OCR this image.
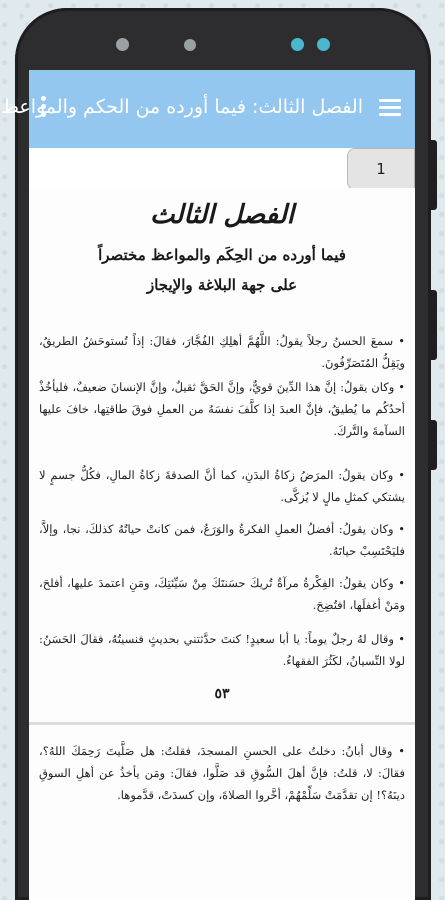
الفصل الثالث: فيما أورده من الحكم والمواعظ
1
الفصل الثالث
فيما أورده من الحِكَم والمواعظ مختصراً
على جهة البلاغة والإيجاز
• سمعَ الحسنُ رجلاً يقولُ: اللَّهُمَّ أهلِكِ الفُجَّارَ، فقالَ: إذاً تُستوحَشُ الطريقُ، ويَقِلُّ المُتَصَرِّفُونَ.
• وكان يقولُ: إنَّ هذا الدِّينَ قويٌّ، وإنَّ الحَقَّ ثقيلٌ، وإنَّ الإنسانَ ضعيفٌ، فليأخُذْ أحدُكُم ما يُطيقُ، فإنَّ العبدَ إذا كلَّفَ نفسَهُ من العملِ فوقَ طاقتِها، خافَ عليها السآمةَ والتَّركَ.
• وكان يقولُ: المرَضُ زكاةُ البدَنِ، كما أنَّ الصدقةَ زكاةُ المالِ، فكُلُّ جسمٍ لا يشتكي كمثلِ مالٍ لا يُزكَّى.
• وكان يقولُ: أفضلُ العملِ الفكرةُ والوَرَعُ، فمن كانتْ حياتُهُ كذلكَ، نجا، وإلاَّ، فليَحْتَسِبْ حياتَهُ.
• وكان يقولُ: الفِكْرةُ مرآةٌ تُريكَ حسَنتَكَ مِنْ سَيِّئتِكَ، ومَنِ اعتمدَ عليها، أفلحَ، ومَنْ أغفلَها، افتُضِحَ.
• وقال لهُ رجلٌ يوماً: يا أبا سعيدٍ! كنتَ حدَّثتني بحديثٍ فنسيتُهُ، فقالَ الحَسَنُ: لولا النِّسيانُ، لكَثُرَ الفقهاءُ.
٥٣
• وقال أبانُ: دخلتُ على الحسنِ المسجدَ، فقلتُ: هل صَلَّيتَ رَحِمَكَ اللهُ؟، فقالَ: لا، قلتُ: فإنَّ أهلَ السُّوقِ قد صَلَّوا، فقالَ: ومَن يأخذُ عن أهلِ السوقِ دينَهُ؟! إن تقدَّمَتْ سَلِّمْهُمْ، أخَّروا الصلاةَ، وإن كسدَتْ، قدَّموها.
